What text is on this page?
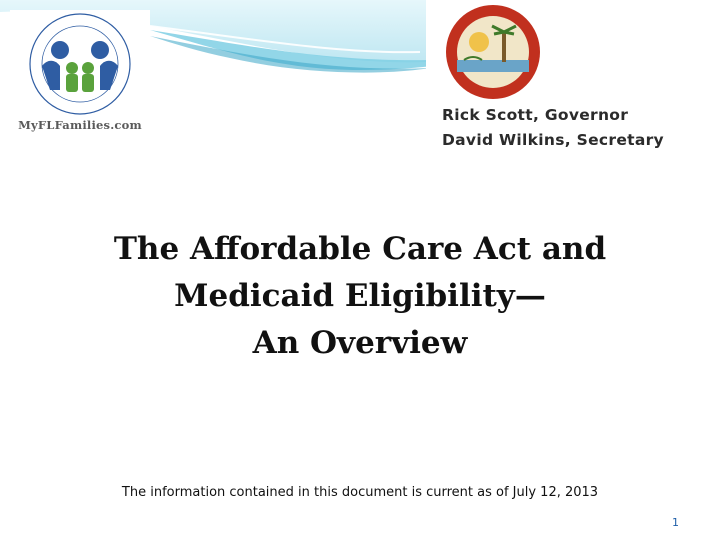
MyFLFamilies.com
Rick Scott, Governor
David Wilkins, Secretary
The Affordable Care Act and
Medicaid Eligibility—
An Overview
The information contained in this document is current as of July 12, 2013
1
